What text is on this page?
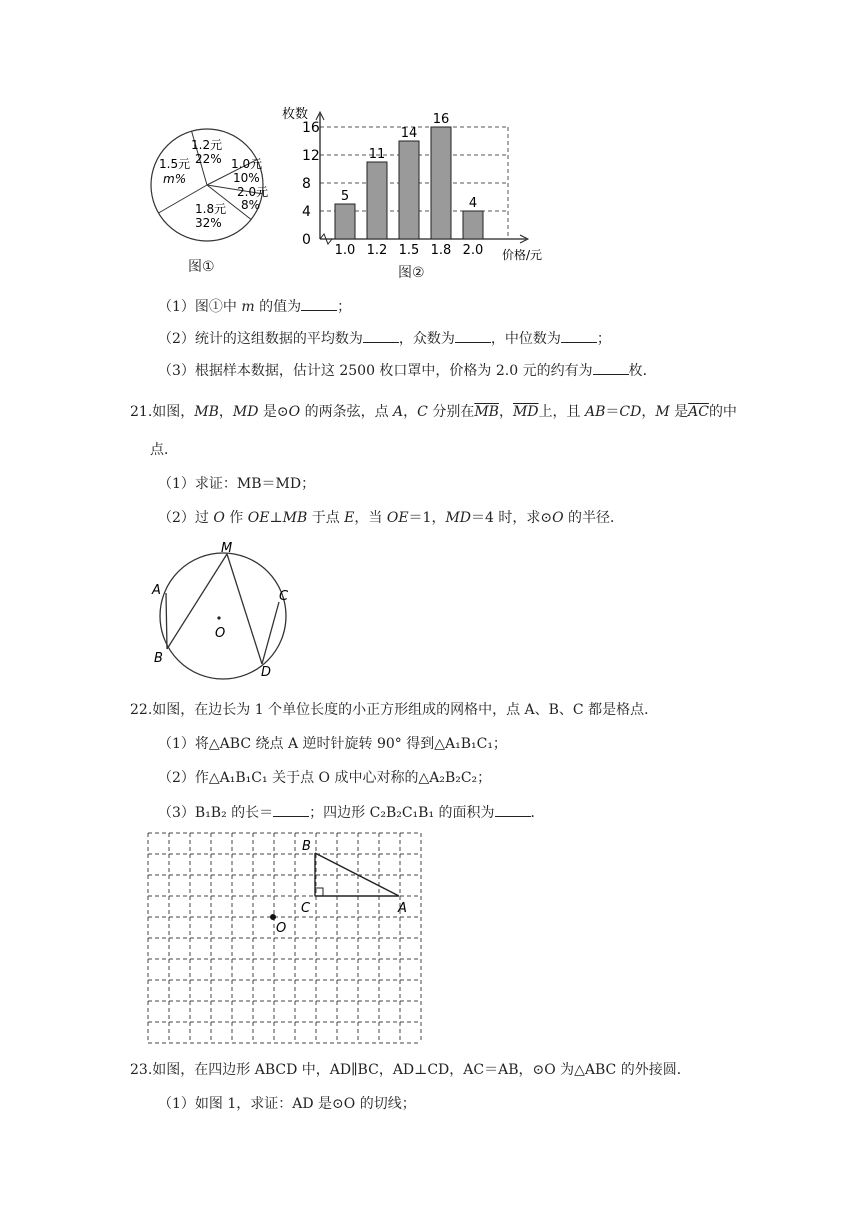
1.2元
22% 1.0元
10%
2.0元
8%
1.8元
32%
1.5元
m%
图①
枚数
价格/元
0
4
8
12
16
5
1.0
11
1.2
14
1.5
16
1.8
4
2.0
图②
（1）图①中 m 的值为	；
（2）统计的这组数据的平均数为	，众数为	，中位数为	；
（3）根据样本数据，估计这 2500 枚口罩中，价格为 2.0 元的约有为	枚．
21.如图，MB，MD 是⊙O 的两条弦，点 A，C 分别在$\overline{MB}$，$\overline{MD}$上，且 AB＝CD，M 是$\overline{AC}$的中
点．
（1）求证：MB＝MD；
（2）过 O 作 OE⊥MB 于点 E，当 OE＝1，MD＝4 时，求⊙O 的半径．
M
A
B
C
D
O
22.如图，在边长为 1 个单位长度的小正方形组成的网格中，点 A、B、C 都是格点．
（1）将△ABC 绕点 A 逆时针旋转 90° 得到△A₁B₁C₁；
（2）作△A₁B₁C₁ 关于点 O 成中心对称的△A₂B₂C₂；
（3）B₁B₂ 的长＝	；四边形 C₂B₂C₁B₁ 的面积为	．
B
C	A
O
23.如图，在四边形 ABCD 中，AD∥BC，AD⊥CD，AC＝AB，⊙O 为△ABC 的外接圆．
（1）如图 1，求证：AD 是⊙O 的切线；
